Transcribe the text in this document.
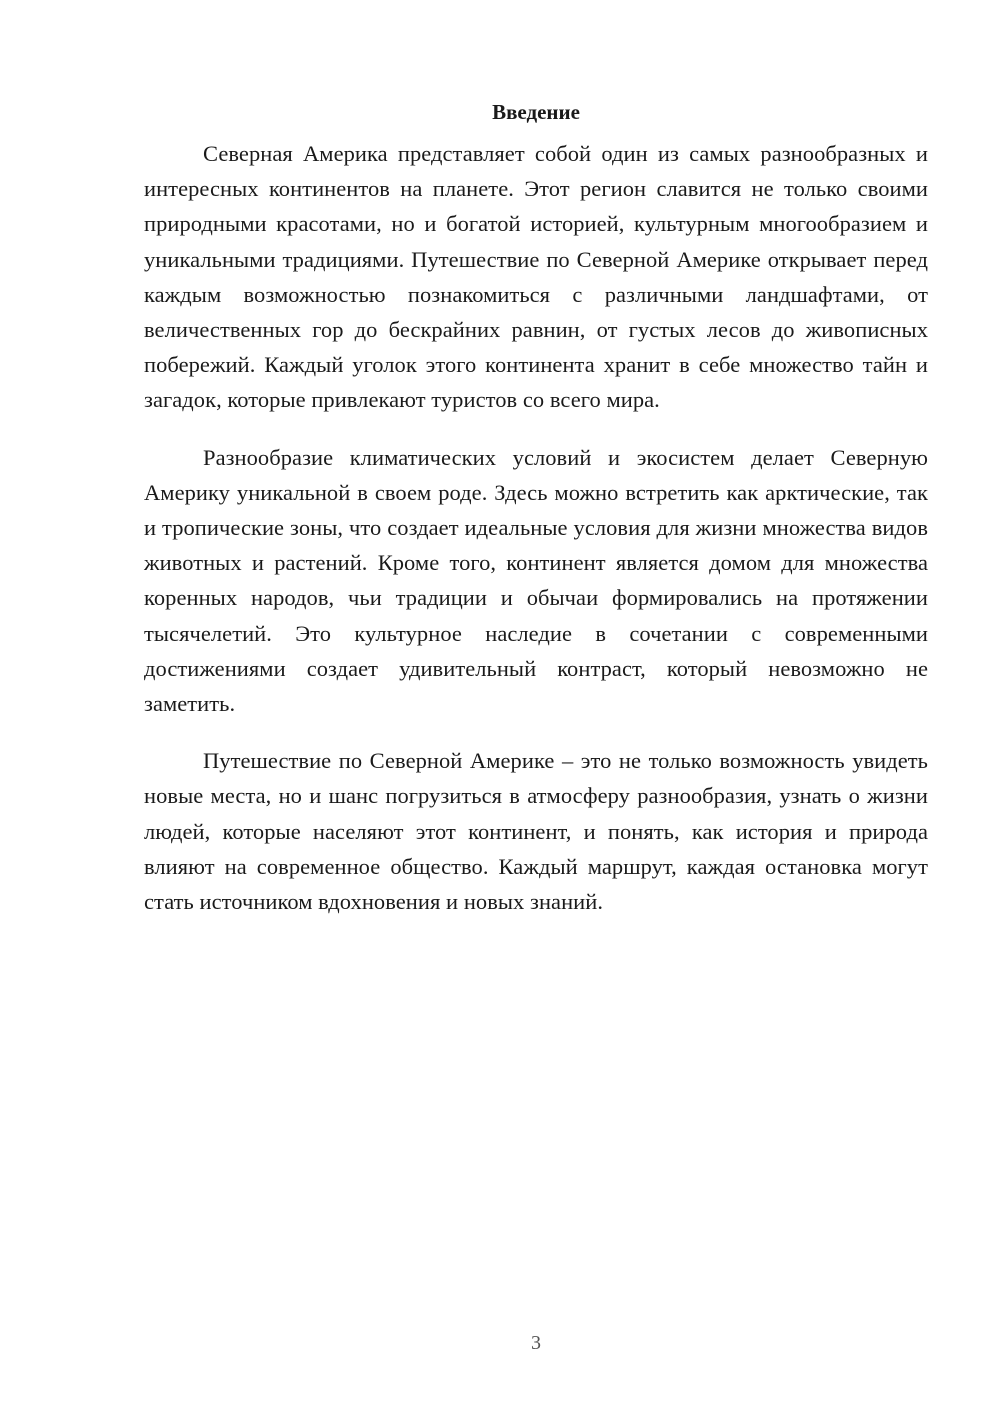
Введение

Северная Америка представляет собой один из самых разнообразных и интересных континентов на планете. Этот регион славится не только своими природными красотами, но и богатой историей, культурным многообразием и уникальными традициями. Путешествие по Северной Америке открывает перед каждым возможностью познакомиться с различными ландшафтами, от величественных гор до бескрайних равнин, от густых лесов до живописных побережий. Каждый уголок этого континента хранит в себе множество тайн и загадок, которые привлекают туристов со всего мира.

Разнообразие климатических условий и экосистем делает Северную Америку уникальной в своем роде. Здесь можно встретить как арктические, так и тропические зоны, что создает идеальные условия для жизни множества видов животных и растений. Кроме того, континент является домом для множества коренных народов, чьи традиции и обычаи формировались на протяжении тысячелетий. Это культурное наследие в сочетании с современными достижениями создает удивительный контраст, который невозможно не заметить.

Путешествие по Северной Америке – это не только возможность увидеть новые места, но и шанс погрузиться в атмосферу разнообразия, узнать о жизни людей, которые населяют этот континент, и понять, как история и природа влияют на современное общество. Каждый маршрут, каждая остановка могут стать источником вдохновения и новых знаний.

3
